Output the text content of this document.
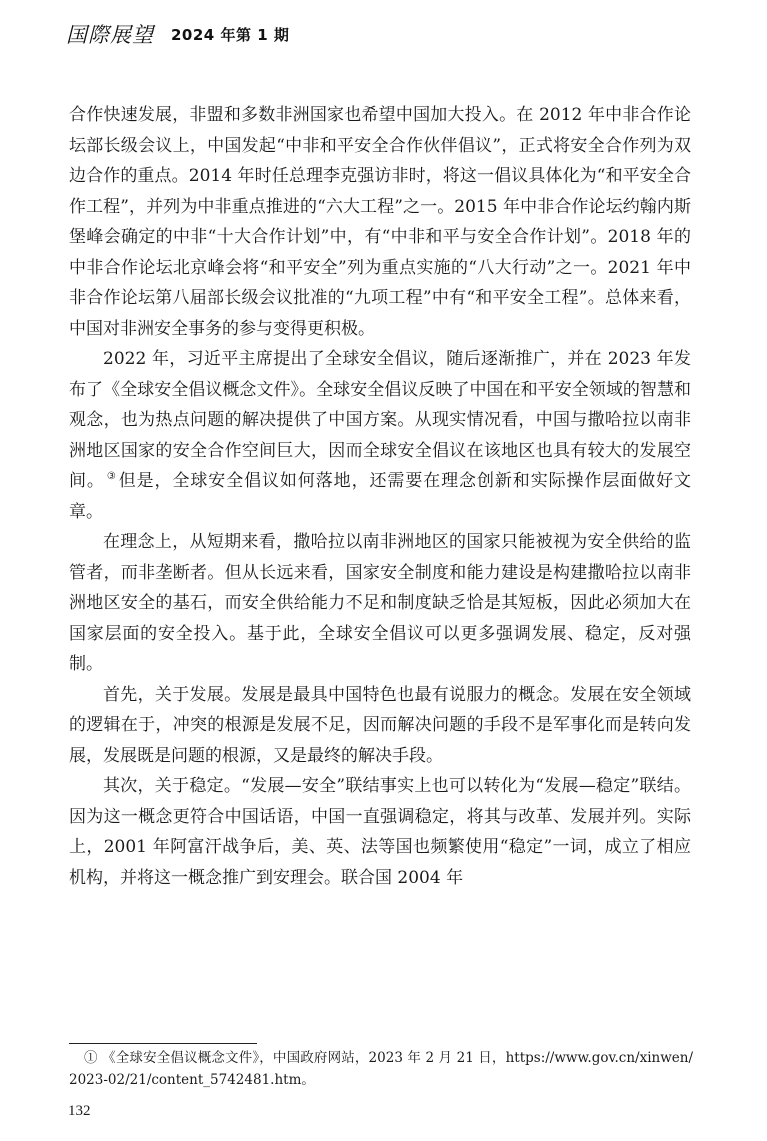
国際展望 2024 年第 1 期

合作快速发展，非盟和多数非洲国家也希望中国加大投入。在 2012 年中非合作论坛部长级会议上，中国发起“中非和平安全合作伙伴倡议”，正式将安全合作列为双边合作的重点。2014 年时任总理李克强访非时，将这一倡议具体化为“和平安全合作工程”，并列为中非重点推进的“六大工程”之一。2015 年中非合作论坛约翰内斯堡峰会确定的中非“十大合作计划”中，有“中非和平与安全合作计划”。2018 年的中非合作论坛北京峰会将“和平安全”列为重点实施的“八大行动”之一。2021 年中非合作论坛第八届部长级会议批准的“九项工程”中有“和平安全工程”。总体来看，中国对非洲安全事务的参与变得更积极。

2022 年，习近平主席提出了全球安全倡议，随后逐渐推广，并在 2023 年发布了《全球安全倡议概念文件》。全球安全倡议反映了中国在和平安全领域的智慧和观念，也为热点问题的解决提供了中国方案。从现实情况看，中国与撒哈拉以南非洲地区国家的安全合作空间巨大，因而全球安全倡议在该地区也具有较大的发展空间。 ③ 但是，全球安全倡议如何落地，还需要在理念创新和实际操作层面做好文章。

在理念上，从短期来看，撒哈拉以南非洲地区的国家只能被视为安全供给的监管者，而非垄断者。但从长远来看，国家安全制度和能力建设是构建撒哈拉以南非洲地区安全的基石，而安全供给能力不足和制度缺乏恰是其短板，因此必须加大在国家层面的安全投入。基于此，全球安全倡议可以更多强调发展、稳定，反对强制。

首先，关于发展。发展是最具中国特色也最有说服力的概念。发展在安全领域的逻辑在于，冲突的根源是发展不足，因而解决问题的手段不是军事化而是转向发展，发展既是问题的根源，又是最终的解决手段。

其次，关于稳定。“发展—安全”联结事实上也可以转化为“发展—稳定”联结。因为这一概念更符合中国话语，中国一直强调稳定，将其与改革、发展并列。实际上，2001 年阿富汗战争后，美、英、法等国也频繁使用“稳定”一词，成立了相应机构，并将这一概念推广到安理会。联合国 2004 年

① 《全球安全倡议概念文件》，中国政府网站，2023 年 2 月 21 日，https://www.gov.cn/xinwen/2023-02/21/content_5742481.htm。

132
